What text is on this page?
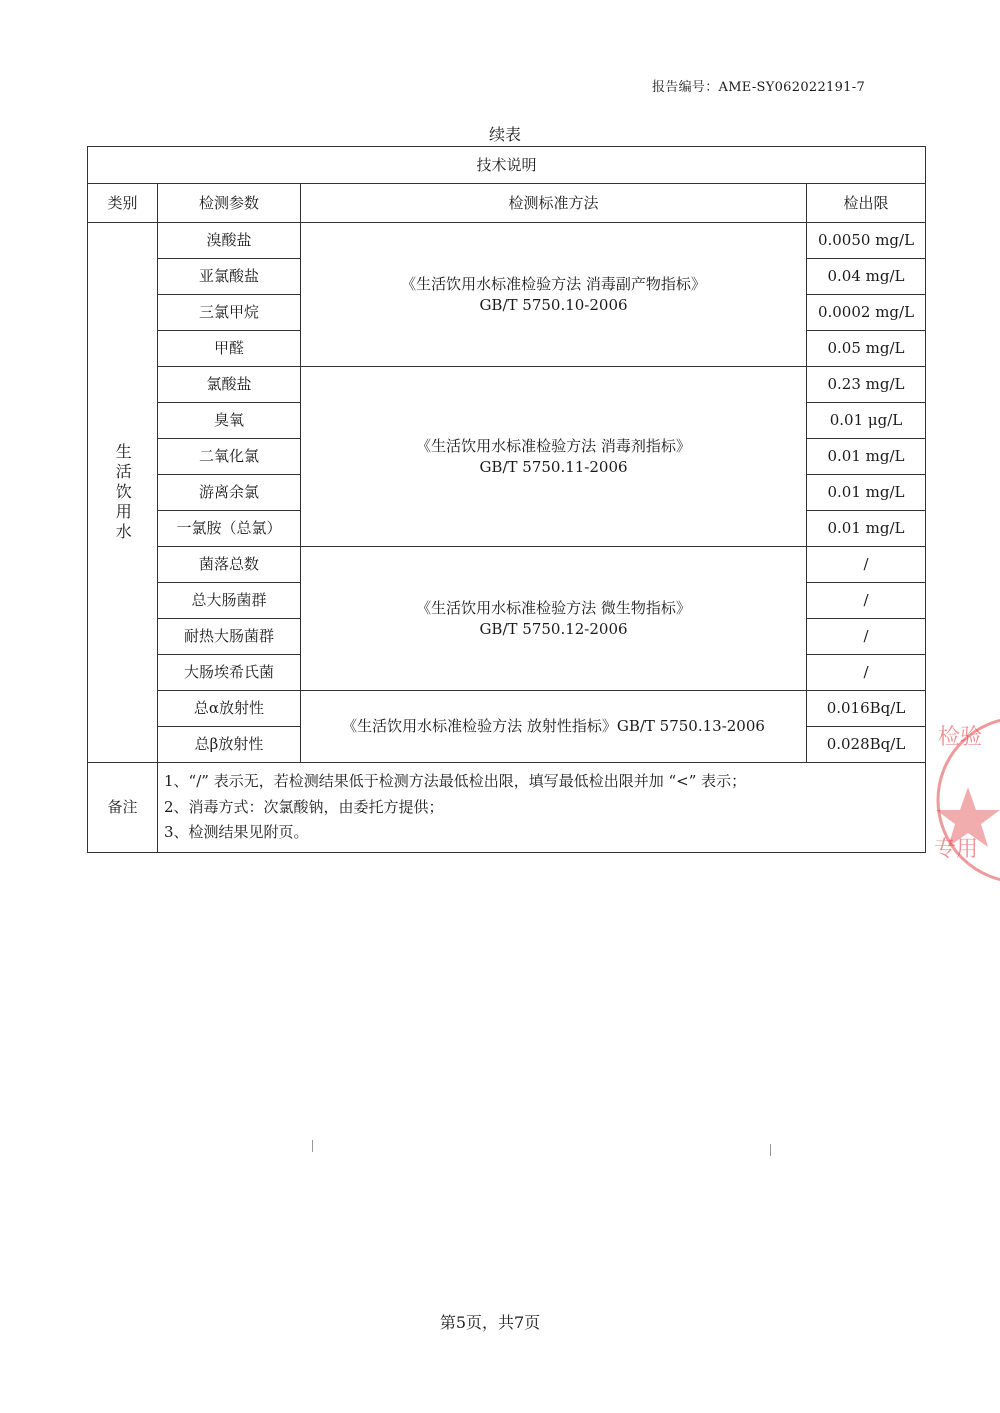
报告编号：AME-SY062022191-7
续表
技术说明			
类别	检测参数	检测标准方法	检出限

生活饮用水	溴酸盐	《生活饮用水标准检验方法 消毒副产物指标》
GB/T 5750.10-2006	0.0050 mg/L
	亚氯酸盐		0.04 mg/L
	三氯甲烷		0.0002 mg/L
	甲醛		0.05 mg/L
	氯酸盐	《生活饮用水标准检验方法 消毒剂指标》
GB/T 5750.11-2006	0.23 mg/L
	臭氧		0.01 μg/L
	二氧化氯		0.01 mg/L
	游离余氯		0.01 mg/L
	一氯胺（总氯）		0.01 mg/L
	菌落总数	《生活饮用水标准检验方法 微生物指标》
GB/T 5750.12-2006	/
	总大肠菌群		/
	耐热大肠菌群		/
	大肠埃希氏菌		/
	总α放射性	《生活饮用水标准检验方法 放射性指标》GB/T 5750.13-2006	0.016Bq/L
	总β放射性		0.028Bq/L
备注	1、“/” 表示无，若检测结果低于检测方法最低检出限，填写最低检出限并加 “<” 表示；
2、消毒方式：次氯酸钠，由委托方提供；
3、检测结果见附页。		
检验
专用
第5页，共7页
